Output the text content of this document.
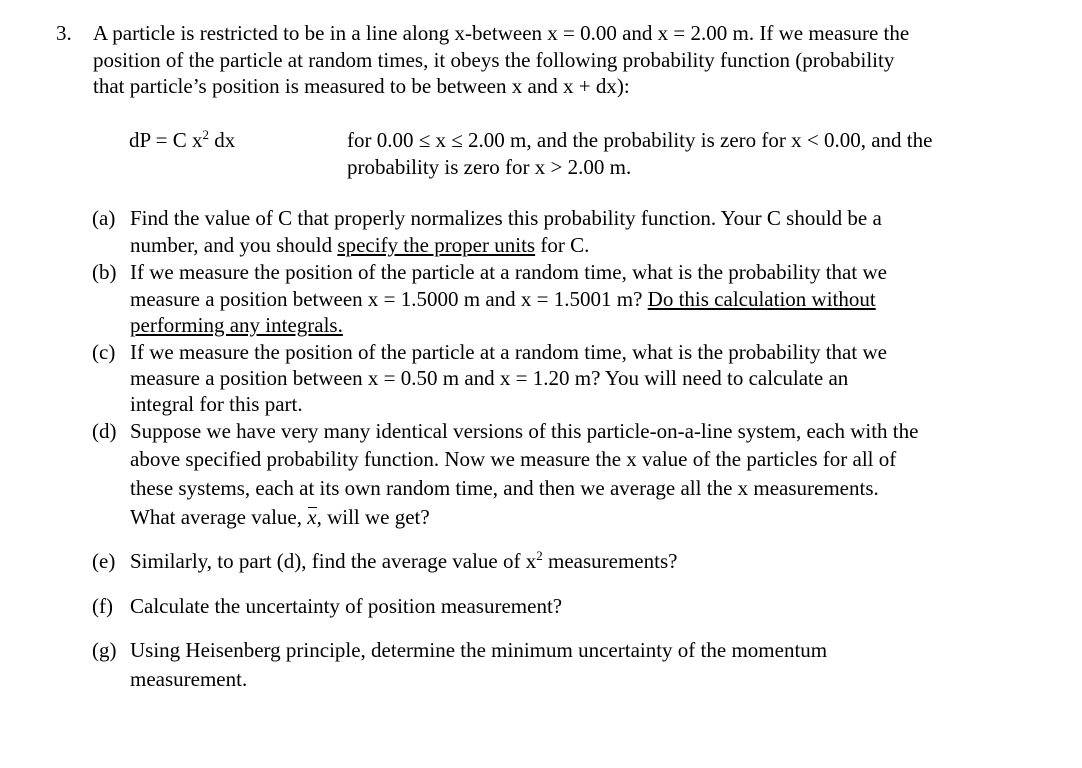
3. A particle is restricted to be in a line along x-between x = 0.00 and x = 2.00 m. If we measure the
position of the particle at random times, it obeys the following probability function (probability
that particle’s position is measured to be between x and x + dx):
dP = C $x^2$ dx	for 0.00 ≤ x ≤ 2.00 m, and the probability is zero for x < 0.00, and the
probability is zero for x > 2.00 m.
(a) Find the value of C that properly normalizes this probability function. Your C should be a
number, and you should specify the proper units for C.
(b) If we measure the position of the particle at a random time, what is the probability that we
measure a position between x = 1.5000 m and x = 1.5001 m? Do this calculation without
performing any integrals.
(c) If we measure the position of the particle at a random time, what is the probability that we
measure a position between x = 0.50 m and x = 1.20 m? You will need to calculate an
integral for this part.
(d) Suppose we have very many identical versions of this particle-on-a-line system, each with the
above specified probability function. Now we measure the x value of the particles for all of
these systems, each at its own random time, and then we average all the x measurements.
What average value, x, will we get?
(e) Similarly, to part (d), find the average value of $x^2$ measurements?
(f) Calculate the uncertainty of position measurement?
(g) Using Heisenberg principle, determine the minimum uncertainty of the momentum
measurement.
